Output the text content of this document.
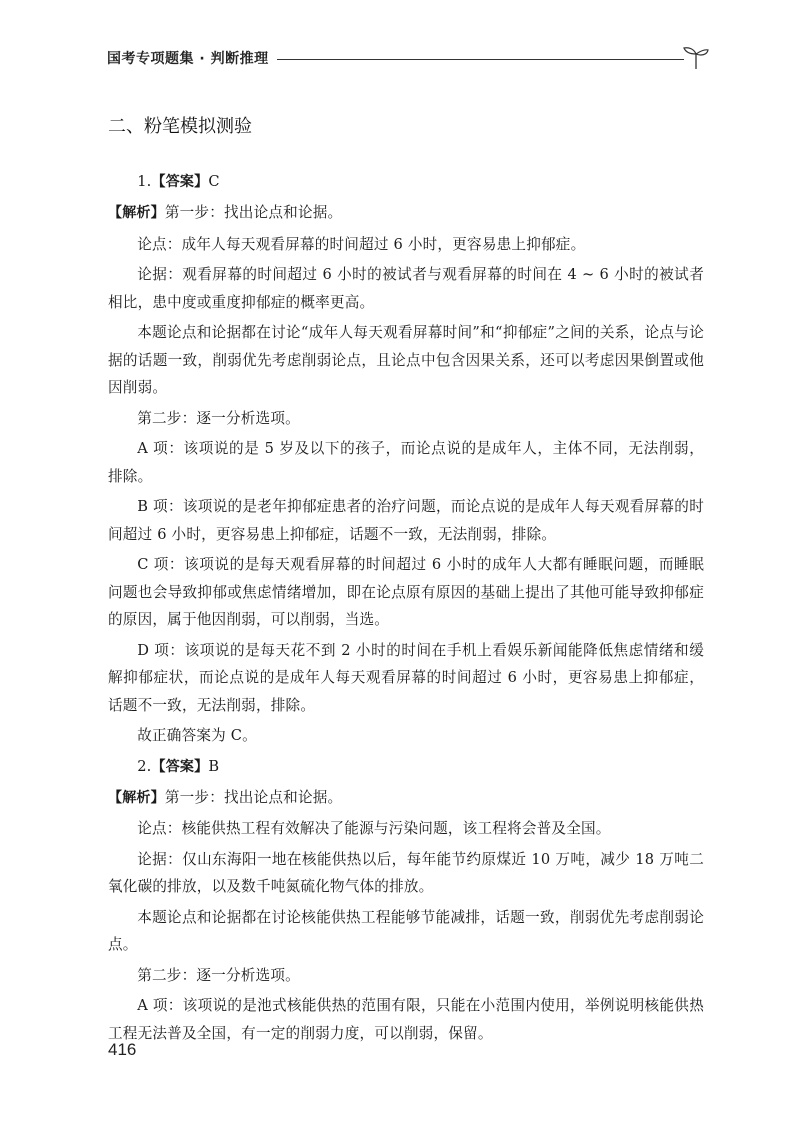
国考专项题集 · 判断推理
二、粉笔模拟测验

1.【答案】C

【解析】第一步：找出论点和论据。

论点：成年人每天观看屏幕的时间超过 6 小时，更容易患上抑郁症。

论据：观看屏幕的时间超过 6 小时的被试者与观看屏幕的时间在 4 ~ 6 小时的被试者相比，患中度或重度抑郁症的概率更高。

本题论点和论据都在讨论“成年人每天观看屏幕时间”和“抑郁症”之间的关系，论点与论据的话题一致，削弱优先考虑削弱论点，且论点中包含因果关系，还可以考虑因果倒置或他因削弱。

第二步：逐一分析选项。

A 项：该项说的是 5 岁及以下的孩子，而论点说的是成年人，主体不同，无法削弱，排除。

B 项：该项说的是老年抑郁症患者的治疗问题，而论点说的是成年人每天观看屏幕的时间超过 6 小时，更容易患上抑郁症，话题不一致，无法削弱，排除。

C 项：该项说的是每天观看屏幕的时间超过 6 小时的成年人大都有睡眠问题，而睡眠问题也会导致抑郁或焦虑情绪增加，即在论点原有原因的基础上提出了其他可能导致抑郁症的原因，属于他因削弱，可以削弱，当选。

D 项：该项说的是每天花不到 2 小时的时间在手机上看娱乐新闻能降低焦虑情绪和缓解抑郁症状，而论点说的是成年人每天观看屏幕的时间超过 6 小时，更容易患上抑郁症，话题不一致，无法削弱，排除。

故正确答案为 C。

2.【答案】B

【解析】第一步：找出论点和论据。

论点：核能供热工程有效解决了能源与污染问题，该工程将会普及全国。

论据：仅山东海阳一地在核能供热以后，每年能节约原煤近 10 万吨，减少 18 万吨二氧化碳的排放，以及数千吨氮硫化物气体的排放。

本题论点和论据都在讨论核能供热工程能够节能减排，话题一致，削弱优先考虑削弱论点。

第二步：逐一分析选项。

A 项：该项说的是池式核能供热的范围有限，只能在小范围内使用，举例说明核能供热工程无法普及全国，有一定的削弱力度，可以削弱，保留。

416
